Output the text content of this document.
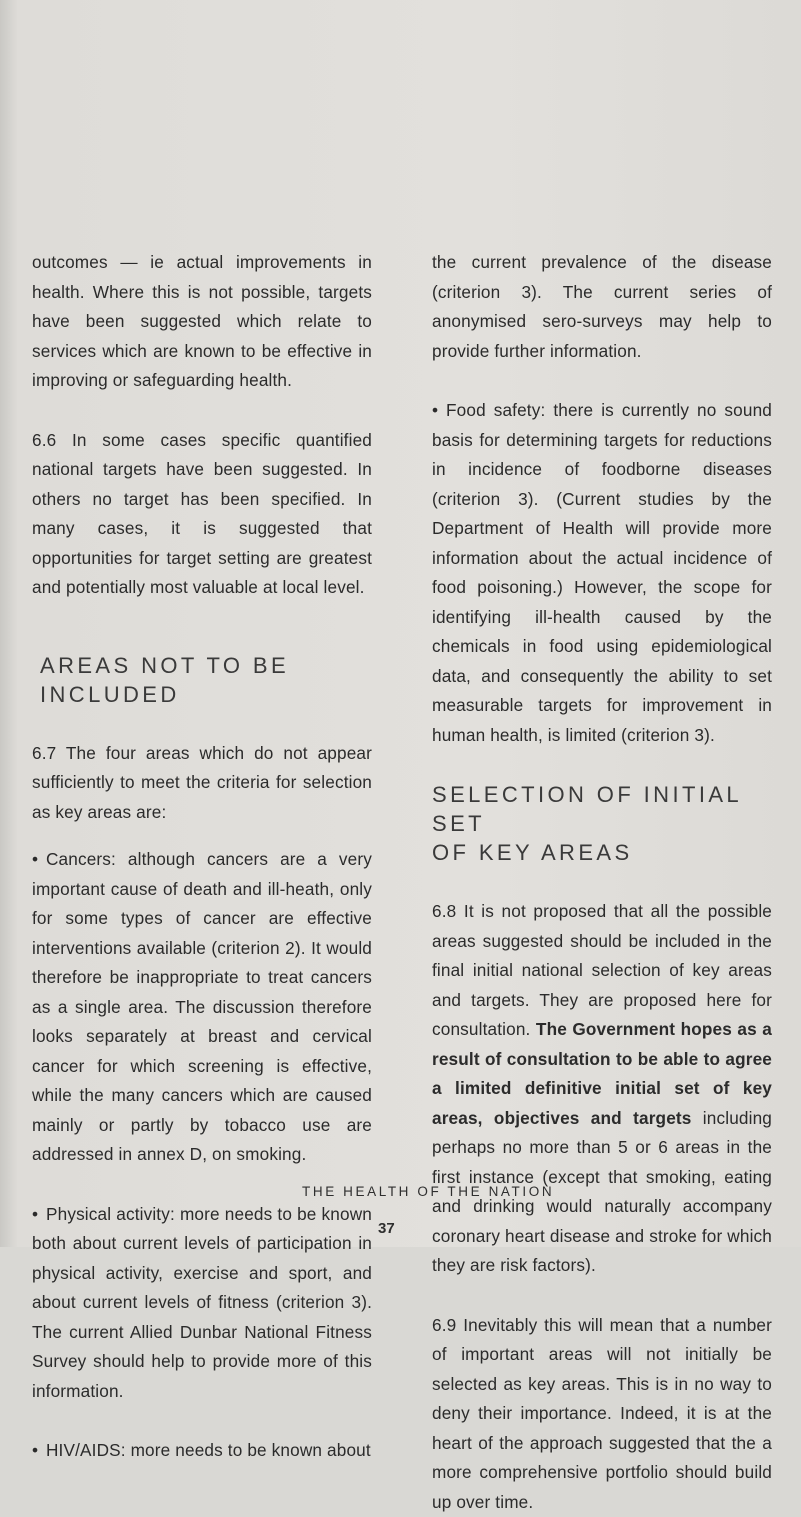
outcomes — ie actual improvements in health. Where this is not possible, targets have been suggested which relate to services which are known to be effective in improving or safeguarding health.

6.6 In some cases specific quantified national targets have been suggested. In others no target has been specified. In many cases, it is suggested that opportunities for target setting are greatest and potentially most valuable at local level.

AREAS NOT TO BE
INCLUDED

6.7 The four areas which do not appear sufficiently to meet the criteria for selection as key areas are:

• Cancers: although cancers are a very important cause of death and ill-heath, only for some types of cancer are effective interventions available (criterion 2). It would therefore be inappropriate to treat cancers as a single area. The discussion therefore looks separately at breast and cervical cancer for which screening is effective, while the many cancers which are caused mainly or partly by tobacco use are addressed in annex D, on smoking.

• Physical activity: more needs to be known both about current levels of participation in physical activity, exercise and sport, and about current levels of fitness (criterion 3). The current Allied Dunbar National Fitness Survey should help to provide more of this information.

• HIV/AIDS: more needs to be known about

the current prevalence of the disease (criterion 3). The current series of anonymised sero-surveys may help to provide further information.

• Food safety: there is currently no sound basis for determining targets for reductions in incidence of foodborne diseases (criterion 3). (Current studies by the Department of Health will provide more information about the actual incidence of food poisoning.) However, the scope for identifying ill-health caused by the chemicals in food using epidemiological data, and consequently the ability to set measurable targets for improvement in human health, is limited (criterion 3).

SELECTION OF INITIAL SET
OF KEY AREAS

6.8 It is not proposed that all the possible areas suggested should be included in the final initial national selection of key areas and targets. They are proposed here for consultation. The Government hopes as a result of consultation to be able to agree a limited definitive initial set of key areas, objectives and targets including perhaps no more than 5 or 6 areas in the first instance (except that smoking, eating and drinking would naturally accompany coronary heart disease and stroke for which they are risk factors).

6.9 Inevitably this will mean that a number of important areas will not initially be selected as key areas. This is in no way to deny their importance. Indeed, it is at the heart of the approach suggested that the a more comprehensive portfolio should build up over time.

THE HEALTH OF THE NATION
37
